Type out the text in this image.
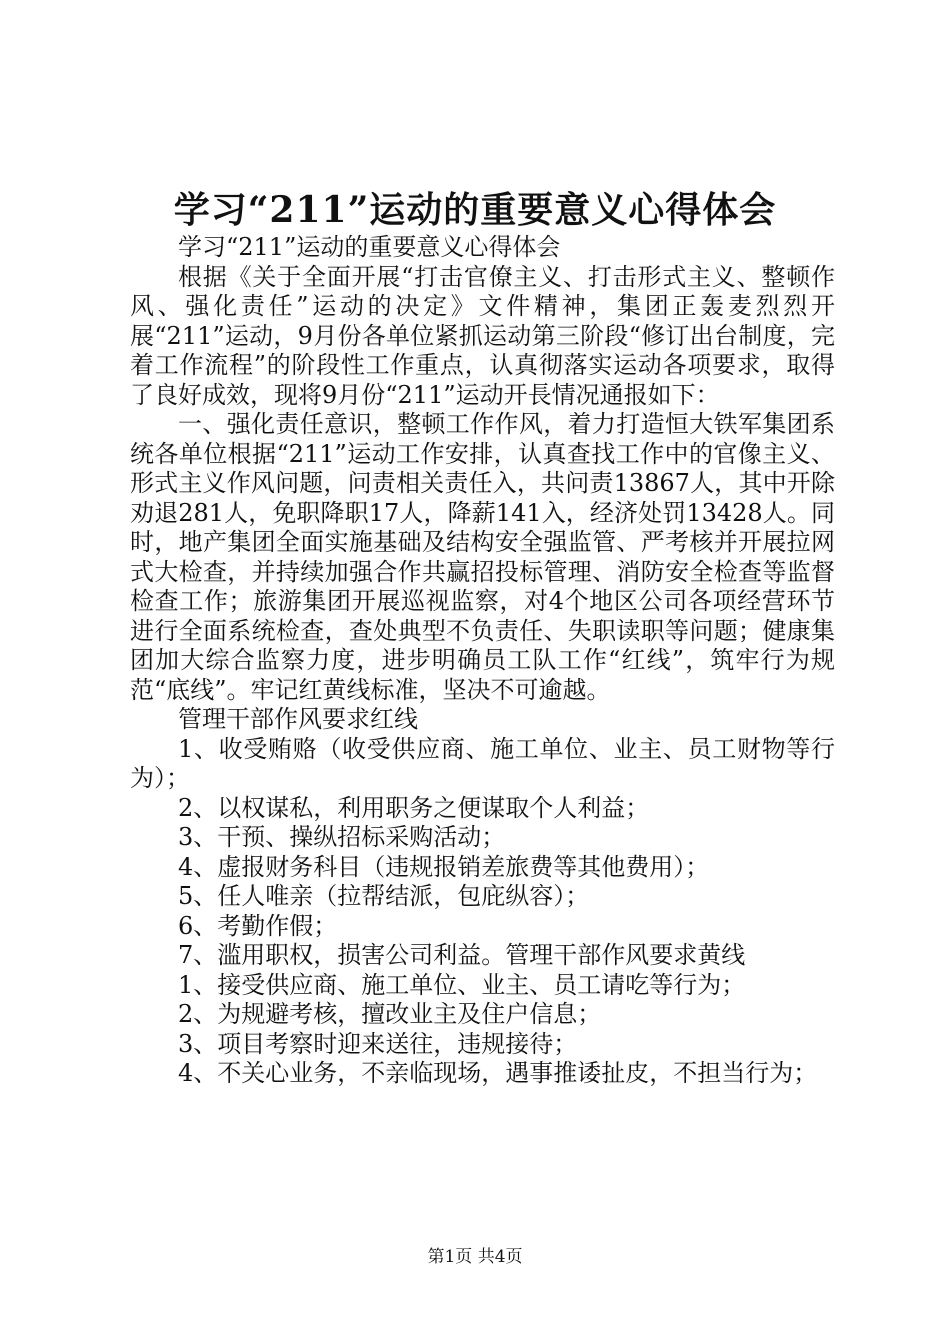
学习“211”运动的重要意义心得体会

学习“211”运动的重要意义心得体会

根据《关于全面开展“打击官僚主义、打击形式主义、整顿作风、强化责任”运动的决定》文件精神，集团正轰麦烈烈开展“211”运动，9月份各单位紧抓运动第三阶段“修订出台制度，完着工作流程”的阶段性工作重点，认真彻落实运动各项要求，取得了良好成效，现将9月份“211”运动开長情况通报如下：

一、强化责任意识，整顿工作作风，着力打造恒大铁军集团系统各单位根据“211”运动工作安排，认真查找工作中的官像主义、形式主义作风问题，问责相关责任入，共问责13867人，其中开除劝退281人，免职降职17人，降薪141入，经济处罚13428人。同时，地产集团全面实施基础及结构安全强监管、严考核并开展拉网式大检查，并持续加强合作共赢招投标管理、消防安全检查等监督检查工作；旅游集团开展巡视监察，对4个地区公司各项经营环节进行全面系统检查，查处典型不负责任、失职读职等问题；健康集团加大综合监察力度，进步明确员工队工作“红线”，筑牢行为规范“底线”。牢记红黄线标准，坚决不可逾越。

管理干部作风要求红线

1、收受贿赂（收受供应商、施工单位、业主、员工财物等行为）；

2、以权谋私，利用职务之便谋取个人利益；

3、干预、操纵招标采购活动；

4、虚报财务科目（违规报销差旅费等其他费用）；

5、任人唯亲（拉帮结派，包庇纵容）；

6、考勤作假；

7、滥用职权，损害公司利益。管理干部作风要求黄线

1、接受供应商、施工单位、业主、员工请吃等行为；

2、为规避考核，擅改业主及住户信息；

3、项目考察时迎来送往，违规接待；

4、不关心业务，不亲临现场，遇事推诿扯皮，不担当行为；

第1页 共4页
